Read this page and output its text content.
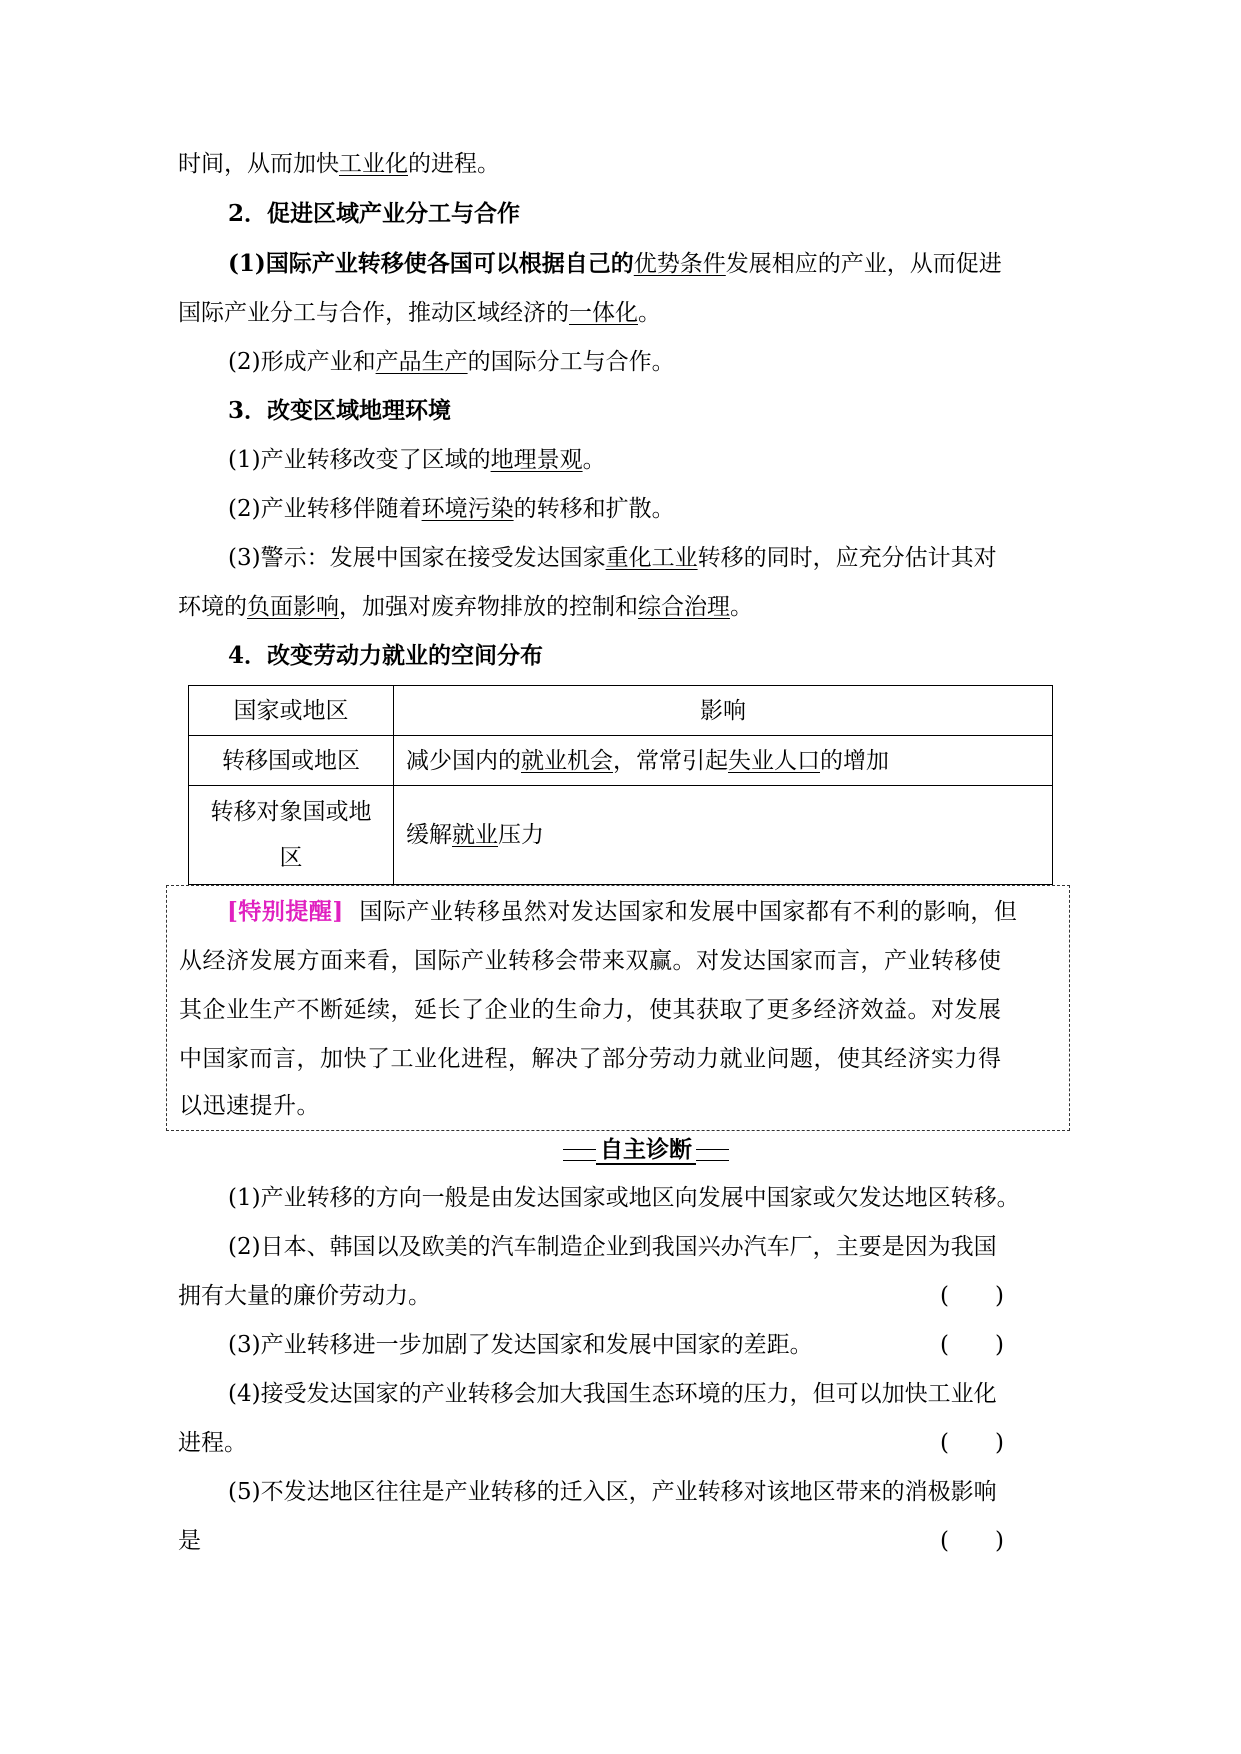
时间，从而加快工业化的进程。
2．促进区域产业分工与合作
(1)国际产业转移使各国可以根据自己的优势条件发展相应的产业，从而促进
国际产业分工与合作，推动区域经济的一体化。
(2)形成产业和产品生产的国际分工与合作。
3．改变区域地理环境
(1)产业转移改变了区域的地理景观。
(2)产业转移伴随着环境污染的转移和扩散。
(3)警示：发展中国家在接受发达国家重化工业转移的同时，应充分估计其对
环境的负面影响，加强对废弃物排放的控制和综合治理。
4．改变劳动力就业的空间分布
国家或地区	影响
转移国或地区	减少国内的就业机会，常常引起失业人口的增加
转移对象国或地区	缓解就业压力
[特别提醒] 国际产业转移虽然对发达国家和发展中国家都有不利的影响，但
从经济发展方面来看，国际产业转移会带来双赢。对发达国家而言，产业转移使
其企业生产不断延续，延长了企业的生命力，使其获取了更多经济效益。对发展
中国家而言，加快了工业化进程，解决了部分劳动力就业问题，使其经济实力得
以迅速提升。
自主诊断
(1)产业转移的方向一般是由发达国家或地区向发展中国家或欠发达地区转移。
(2)日本、韩国以及欧美的汽车制造企业到我国兴办汽车厂，主要是因为我国
拥有大量的廉价劳动力。	(　　)
(3)产业转移进一步加剧了发达国家和发展中国家的差距。	(　　)
(4)接受发达国家的产业转移会加大我国生态环境的压力，但可以加快工业化
进程。	(　　)
(5)不发达地区往往是产业转移的迁入区，产业转移对该地区带来的消极影响
是	(　　)
